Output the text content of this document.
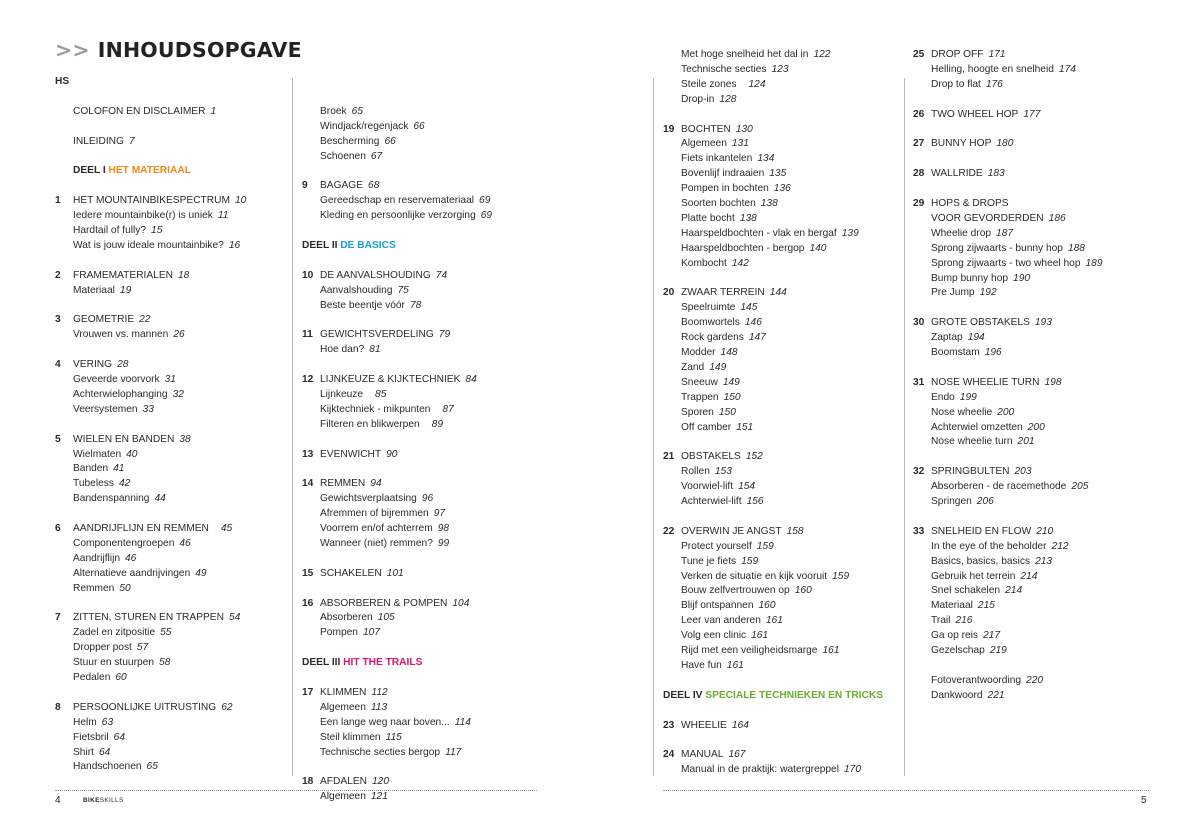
>> INHOUDSOPGAVE
HS
COLOFON EN DISCLAIMER 1
INLEIDING 7
DEEL I HET MATERIAAL
1	HET MOUNTAINBIKESPECTRUM 10
Iedere mountainbike(r) is uniek 11
Hardtail of fully? 15
Wat is jouw ideale mountainbike? 16
2	FRAMEMATERIALEN 18
Materiaal 19
3	GEOMETRIE 22
Vrouwen vs. mannen 26
4	VERING 28
Geveerde voorvork 31
Achterwielophanging 32
Veersystemen 33
5	WIELEN EN BANDEN 38
Wielmaten 40
Banden 41
Tubeless 42
Bandenspanning 44
6	AANDRIJFLIJN EN REMMEN 45
Componentengroepen 46
Aandrijflijn 46
Alternatieve aandrijvingen 49
Remmen 50
7	ZITTEN, STUREN EN TRAPPEN 54
Zadel en zitpositie 55
Dropper post 57
Stuur en stuurpen 58
Pedalen 60
8	PERSOONLIJKE UITRUSTING 62
Helm 63
Fietsbril 64
Shirt 64
Handschoenen 65
Broek 65
Windjack/regenjack 66
Bescherming 66
Schoenen 67
9	BAGAGE 68
Gereedschap en reservemateriaal 69
Kleding en persoonlijke verzorging 69
DEEL II DE BASICS
10 DE AANVALSHOUDING 74
Aanvalshouding 75
Beste beentje vóór 78
11 GEWICHTSVERDELING 79
Hoe dan? 81
12 LIJNKEUZE & KIJKTECHNIEK 84
Lijnkeuze 85
Kijktechniek - mikpunten 87
Filteren en blikwerpen 89
13 EVENWICHT 90
14 REMMEN 94
Gewichtsverplaatsing 96
Afremmen of bijremmen 97
Voorrem en/of achterrem 98
Wanneer (niet) remmen? 99
15 SCHAKELEN 101
16 ABSORBEREN & POMPEN 104
Absorberen 105
Pompen 107
DEEL III HIT THE TRAILS
17 KLIMMEN 112
Algemeen 113
Een lange weg naar boven... 114
Steil klimmen 115
Technische secties bergop 117
18 AFDALEN 120
Algemeen 121
Met hoge snelheid het dal in 122
Technische secties 123
Steile zones 124
Drop-in 128
19 BOCHTEN 130
Algemeen 131
Fiets inkantelen 134
Bovenlijf indraaien 135
Pompen in bochten 136
Soorten bochten 138
Platte bocht 138
Haarspeldbochten - vlak en bergaf 139
Haarspeldbochten - bergop 140
Kombocht 142
20 ZWAAR TERREIN 144
Speelruimte 145
Boomwortels 146
Rock gardens 147
Modder 148
Zand 149
Sneeuw 149
Trappen 150
Sporen 150
Off camber 151
21 OBSTAKELS 152
Rollen 153
Voorwiel-lift 154
Achterwiel-lift 156
22 OVERWIN JE ANGST 158
Protect yourself 159
Tune je fiets 159
Verken de situatie en kijk vooruit 159
Bouw zelfvertrouwen op 160
Blijf ontspannen 160
Leer van anderen 161
Volg een clinic 161
Rijd met een veiligheidsmarge 161
Have fun 161
DEEL IV SPECIALE TECHNIEKEN EN TRICKS
23 WHEELIE 164
24 MANUAL 167
Manual in de praktijk: watergreppel 170
25 DROP OFF 171
Helling, hoogte en snelheid 174
Drop to flat 176
26 TWO WHEEL HOP 177
27 BUNNY HOP 180
28 WALLRIDE 183
29 HOPS & DROPS
VOOR GEVORDERDEN 186
Wheelie drop 187
Sprong zijwaarts - bunny hop 188
Sprong zijwaarts - two wheel hop 189
Bump bunny hop 190
Pre Jump 192
30 GROTE OBSTAKELS 193
Zaptap 194
Boomstam 196
31 NOSE WHEELIE TURN 198
Endo 199
Nose wheelie 200
Achterwiel omzetten 200
Nose wheelie turn 201
32 SPRINGBULTEN 203
Absorberen - de racemethode 205
Springen 206
33 SNELHEID EN FLOW 210
In the eye of the beholder 212
Basics, basics, basics 213
Gebruik het terrein 214
Snel schakelen 214
Materiaal 215
Trail 216
Ga op reis 217
Gezelschap 219
Fotoverantwoording 220
Dankwoord 221
4	BIKESKILLS	5
